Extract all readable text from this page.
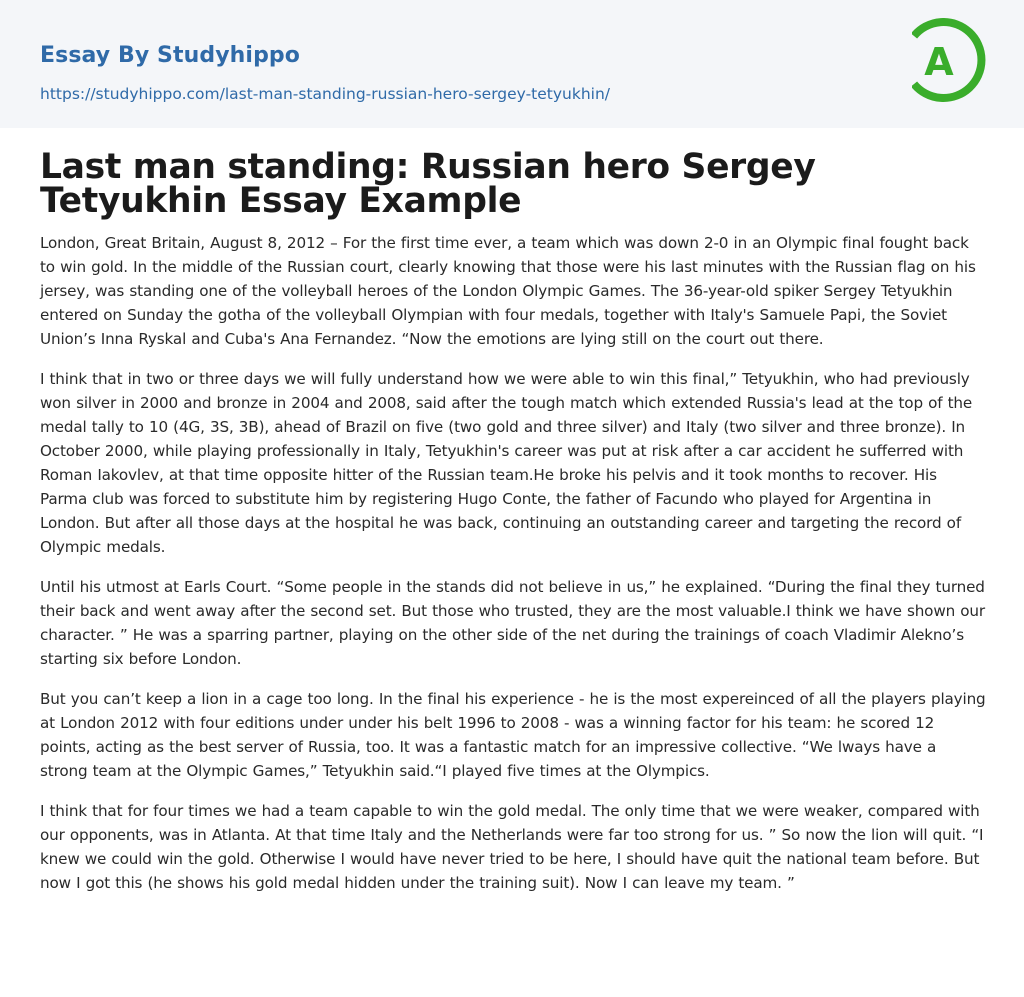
Essay By Studyhippo
https://studyhippo.com/last-man-standing-russian-hero-sergey-tetyukhin/
A
Last man standing: Russian hero Sergey Tetyukhin Essay Example

London, Great Britain, August 8, 2012 – For the first time ever, a team which was down 2-0 in an Olympic final fought back to win gold. In the middle of the Russian court, clearly knowing that those were his last minutes with the Russian flag on his jersey, was standing one of the volleyball heroes of the London Olympic Games. The 36-year-old spiker Sergey Tetyukhin entered on Sunday the gotha of the volleyball Olympian with four medals, together with Italy's Samuele Papi, the Soviet Union’s Inna Ryskal and Cuba's Ana Fernandez. “Now the emotions are lying still on the court out there.

I think that in two or three days we will fully understand how we were able to win this final,” Tetyukhin, who had previously won silver in 2000 and bronze in 2004 and 2008, said after the tough match which extended Russia's lead at the top of the medal tally to 10 (4G, 3S, 3B), ahead of Brazil on five (two gold and three silver) and Italy (two silver and three bronze). In October 2000, while playing professionally in Italy, Tetyukhin's career was put at risk after a car accident he sufferred with Roman Iakovlev, at that time opposite hitter of the Russian team.He broke his pelvis and it took months to recover. His Parma club was forced to substitute him by registering Hugo Conte, the father of Facundo who played for Argentina in London. But after all those days at the hospital he was back, continuing an outstanding career and targeting the record of Olympic medals.

Until his utmost at Earls Court. “Some people in the stands did not believe in us,” he explained. “During the final they turned their back and went away after the second set. But those who trusted, they are the most valuable.I think we have shown our character. ” He was a sparring partner, playing on the other side of the net during the trainings of coach Vladimir Alekno’s starting six before London.

But you can’t keep a lion in a cage too long. In the final his experience - he is the most expereinced of all the players playing at London 2012 with four editions under under his belt 1996 to 2008 - was a winning factor for his team: he scored 12 points, acting as the best server of Russia, too. It was a fantastic match for an impressive collective. “We lways have a strong team at the Olympic Games,” Tetyukhin said.“I played five times at the Olympics.

I think that for four times we had a team capable to win the gold medal. The only time that we were weaker, compared with our opponents, was in Atlanta. At that time Italy and the Netherlands were far too strong for us. ” So now the lion will quit. “I knew we could win the gold. Otherwise I would have never tried to be here, I should have quit the national team before. But now I got this (he shows his gold medal hidden under the training suit). Now I can leave my team. ”
